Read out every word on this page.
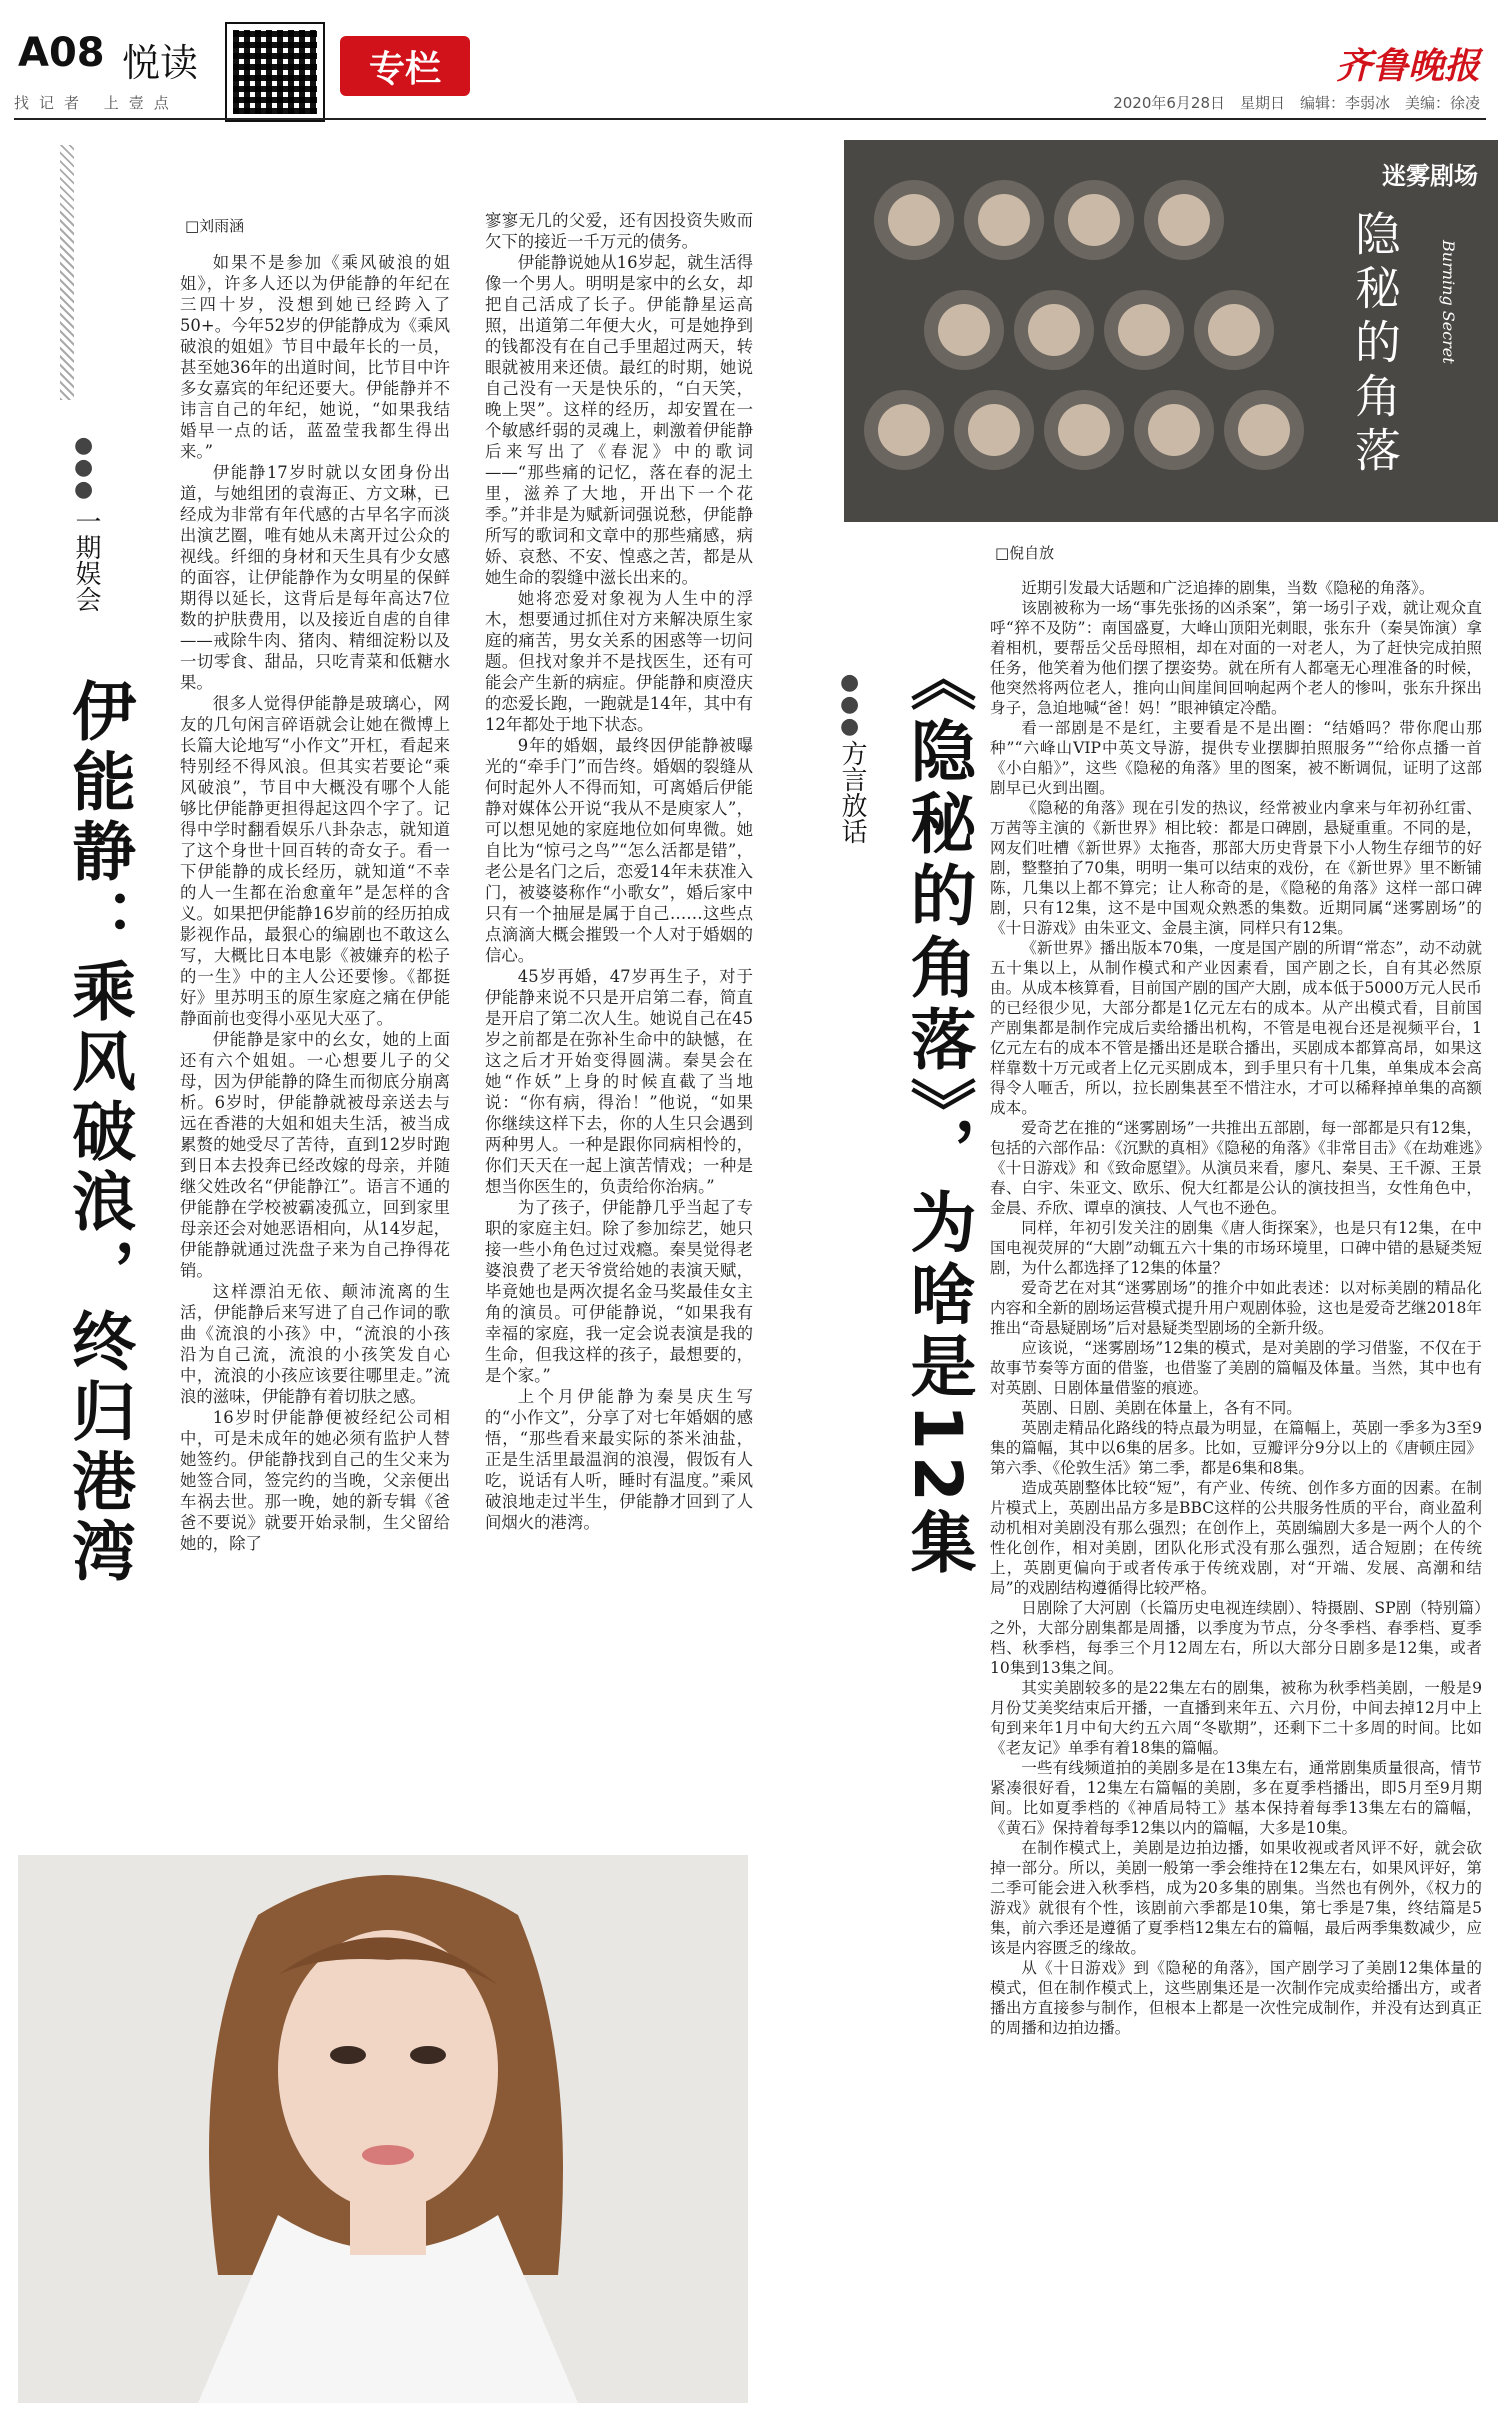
A08 悦读
找记者 上壹点
专栏	齐鲁晚报
2020年6月28日　星期日　编辑：李弱冰　美编：徐凌
●
●
●
一期娱会
伊能静：乘风破浪，终归港湾
□刘雨涵

如果不是参加《乘风破浪的姐姐》，许多人还以为伊能静的年纪在三四十岁，没想到她已经跨入了50+。今年52岁的伊能静成为《乘风破浪的姐姐》节目中最年长的一员，甚至她36年的出道时间，比节目中许多女嘉宾的年纪还要大。伊能静并不讳言自己的年纪，她说，“如果我结婚早一点的话，蓝盈莹我都生得出来。”

伊能静17岁时就以女团身份出道，与她组团的袁海正、方文琳，已经成为非常有年代感的古早名字而淡出演艺圈，唯有她从未离开过公众的视线。纤细的身材和天生具有少女感的面容，让伊能静作为女明星的保鲜期得以延长，这背后是每年高达7位数的护肤费用，以及接近自虐的自律——戒除牛肉、猪肉、精细淀粉以及一切零食、甜品，只吃青菜和低糖水果。

很多人觉得伊能静是玻璃心，网友的几句闲言碎语就会让她在微博上长篇大论地写“小作文”开杠，看起来特别经不得风浪。但其实若要论“乘风破浪”，节目中大概没有哪个人能够比伊能静更担得起这四个字了。记得中学时翻看娱乐八卦杂志，就知道了这个身世十回百转的奇女子。看一下伊能静的成长经历，就知道“不幸的人一生都在治愈童年”是怎样的含义。如果把伊能静16岁前的经历拍成影视作品，最狠心的编剧也不敢这么写，大概比日本电影《被嫌弃的松子的一生》中的主人公还要惨。《都挺好》里苏明玉的原生家庭之痛在伊能静面前也变得小巫见大巫了。

伊能静是家中的幺女，她的上面还有六个姐姐。一心想要儿子的父母，因为伊能静的降生而彻底分崩离析。6岁时，伊能静就被母亲送去与远在香港的大姐和姐夫生活，被当成累赘的她受尽了苦待，直到12岁时跑到日本去投奔已经改嫁的母亲，并随继父姓改名“伊能静江”。语言不通的伊能静在学校被霸凌孤立，回到家里母亲还会对她恶语相向，从14岁起，伊能静就通过洗盘子来为自己挣得花销。

这样漂泊无依、颠沛流离的生活，伊能静后来写进了自己作词的歌曲《流浪的小孩》中，“流浪的小孩沿为自己流，流浪的小孩笑发自心中，流浪的小孩应该要往哪里走。”流浪的滋味，伊能静有着切肤之感。

16岁时伊能静便被经纪公司相中，可是未成年的她必须有监护人替她签约。伊能静找到自己的生父来为她签合同，签完约的当晚，父亲便出车祸去世。那一晚，她的新专辑《爸爸不要说》就要开始录制，生父留给她的，除了

寥寥无几的父爱，还有因投资失败而欠下的接近一千万元的债务。

伊能静说她从16岁起，就生活得像一个男人。明明是家中的幺女，却把自己活成了长子。伊能静星运高照，出道第二年便大火，可是她挣到的钱都没有在自己手里超过两天，转眼就被用来还债。最红的时期，她说自己没有一天是快乐的，“白天笑，晚上哭”。这样的经历，却安置在一个敏感纤弱的灵魂上，刺激着伊能静后来写出了《春泥》中的歌词——“那些痛的记忆，落在春的泥土里，滋养了大地，开出下一个花季。”并非是为赋新词强说愁，伊能静所写的歌词和文章中的那些痛感，病娇、哀愁、不安、惶惑之苦，都是从她生命的裂缝中滋长出来的。

她将恋爱对象视为人生中的浮木，想要通过抓住对方来解决原生家庭的痛苦，男女关系的困惑等一切问题。但找对象并不是找医生，还有可能会产生新的病症。伊能静和庾澄庆的恋爱长跑，一跑就是14年，其中有12年都处于地下状态。

9年的婚姻，最终因伊能静被曝光的“牵手门”而告终。婚姻的裂缝从何时起外人不得而知，可离婚后伊能静对媒体公开说“我从不是庾家人”，可以想见她的家庭地位如何卑微。她自比为“惊弓之鸟”“怎么活都是错”，老公是名门之后，恋爱14年未获准入门，被婆婆称作“小歌女”，婚后家中只有一个抽屉是属于自己……这些点点滴滴大概会摧毁一个人对于婚姻的信心。

45岁再婚，47岁再生子，对于伊能静来说不只是开启第二春，简直是开启了第二次人生。她说自己在45岁之前都是在弥补生命中的缺憾，在这之后才开始变得圆满。秦昊会在她“作妖”上身的时候直截了当地说：“你有病，得治！”他说，“如果你继续这样下去，你的人生只会遇到两种男人。一种是跟你同病相怜的，你们天天在一起上演苦情戏；一种是想当你医生的，负责给你治病。”

为了孩子，伊能静几乎当起了专职的家庭主妇。除了参加综艺，她只接一些小角色过过戏瘾。秦昊觉得老婆浪费了老天爷赏给她的表演天赋，毕竟她也是两次提名金马奖最佳女主角的演员。可伊能静说，“如果我有幸福的家庭，我一定会说表演是我的生命，但我这样的孩子，最想要的，是个家。”

上个月伊能静为秦昊庆生写的“小作文”，分享了对七年婚姻的感悟，“那些看来最实际的茶米油盐，正是生活里最温润的浪漫，假饭有人吃，说话有人听，睡时有温度。”乘风破浪地走过半生，伊能静才回到了人间烟火的港湾。

迷雾剧场
隐秘的角落	Burning Secret
●
●
●
方言放话 《隐秘的角落》，为啥是12集
□倪自放

近期引发最大话题和广泛追捧的剧集，当数《隐秘的角落》。

该剧被称为一场“事先张扬的凶杀案”，第一场引子戏，就让观众直呼“猝不及防”：南国盛夏，大峰山顶阳光刺眼，张东升（秦昊饰演）拿着相机，要帮岳父岳母照相，却在对面的一对老人，为了赶快完成拍照任务，他笑着为他们摆了摆姿势。就在所有人都毫无心理准备的时候，他突然将两位老人，推向山间崖间回响起两个老人的惨叫，张东升探出身子，急迫地喊“爸！妈！”眼神镇定冷酷。

看一部剧是不是红，主要看是不是出圈：“结婚吗？带你爬山那种”“六峰山VIP中英文导游，提供专业摆脚拍照服务”“给你点播一首《小白船》”，这些《隐秘的角落》里的图案，被不断调侃，证明了这部剧早已火到出圈。

《隐秘的角落》现在引发的热议，经常被业内拿来与年初孙红雷、万茜等主演的《新世界》相比较：都是口碑剧，悬疑重重。不同的是，网友们吐槽《新世界》太拖沓，那部大历史背景下小人物生存细节的好剧，整整拍了70集，明明一集可以结束的戏份，在《新世界》里不断铺陈，几集以上都不算完；让人称奇的是，《隐秘的角落》这样一部口碑剧，只有12集，这不是中国观众熟悉的集数。近期同属“迷雾剧场”的《十日游戏》由朱亚文、金晨主演，同样只有12集。

《新世界》播出版本70集，一度是国产剧的所谓“常态”，动不动就五十集以上，从制作模式和产业因素看，国产剧之长，自有其必然原由。从成本核算看，目前国产剧的国产大剧，成本低于5000万元人民币的已经很少见，大部分都是1亿元左右的成本。从产出模式看，目前国产剧集都是制作完成后卖给播出机构，不管是电视台还是视频平台，1亿元左右的成本不管是播出还是联合播出，买剧成本都算高昂，如果这样靠数十万元或者上亿元买剧成本，到手里只有十几集，单集成本会高得令人咂舌，所以，拉长剧集甚至不惜注水，才可以稀释掉单集的高额成本。

爱奇艺在推的“迷雾剧场”一共推出五部剧，每一部都是只有12集，包括的六部作品：《沉默的真相》《隐秘的角落》《非常目击》《在劫难逃》《十日游戏》和《致命愿望》。从演员来看，廖凡、秦昊、王千源、王景春、白宇、朱亚文、欧乐、倪大红都是公认的演技担当，女性角色中，金晨、乔欣、谭卓的演技、人气也不逊色。

同样，年初引发关注的剧集《唐人街探案》，也是只有12集，在中国电视荧屏的“大剧”动辄五六十集的市场环境里，口碑中错的悬疑类短剧，为什么都选择了12集的体量？

爱奇艺在对其“迷雾剧场”的推介中如此表述：以对标美剧的精品化内容和全新的剧场运营模式提升用户观剧体验，这也是爱奇艺继2018年推出“奇悬疑剧场”后对悬疑类型剧场的全新升级。

应该说，“迷雾剧场”12集的模式，是对美剧的学习借鉴，不仅在于故事节奏等方面的借鉴，也借鉴了美剧的篇幅及体量。当然，其中也有对英剧、日剧体量借鉴的痕迹。

英剧、日剧、美剧在体量上，各有不同。

英剧走精品化路线的特点最为明显，在篇幅上，英剧一季多为3至9集的篇幅，其中以6集的居多。比如，豆瓣评分9分以上的《唐顿庄园》第六季、《伦敦生活》第二季，都是6集和8集。

造成英剧整体比较“短”，有产业、传统、创作多方面的因素。在制片模式上，英剧出品方多是BBC这样的公共服务性质的平台，商业盈利动机相对美剧没有那么强烈；在创作上，英剧编剧大多是一两个人的个性化创作，相对美剧，团队化形式没有那么强烈，适合短剧；在传统上，英剧更偏向于或者传承于传统戏剧，对“开端、发展、高潮和结局”的戏剧结构遵循得比较严格。

日剧除了大河剧（长篇历史电视连续剧）、特摄剧、SP剧（特别篇）之外，大部分剧集都是周播，以季度为节点，分冬季档、春季档、夏季档、秋季档，每季三个月12周左右，所以大部分日剧多是12集，或者10集到13集之间。

其实美剧较多的是22集左右的剧集，被称为秋季档美剧，一般是9月份艾美奖结束后开播，一直播到来年五、六月份，中间去掉12月中上旬到来年1月中旬大约五六周“冬歇期”，还剩下二十多周的时间。比如《老友记》单季有着18集的篇幅。

一些有线频道拍的美剧多是在13集左右，通常剧集质量很高，情节紧凑很好看，12集左右篇幅的美剧，多在夏季档播出，即5月至9月期间。比如夏季档的《神盾局特工》基本保持着每季13集左右的篇幅，《黄石》保持着每季12集以内的篇幅，大多是10集。

在制作模式上，美剧是边拍边播，如果收视或者风评不好，就会砍掉一部分。所以，美剧一般第一季会维持在12集左右，如果风评好，第二季可能会进入秋季档，成为20多集的剧集。当然也有例外，《权力的游戏》就很有个性，该剧前六季都是10集，第七季是7集，终结篇是5集，前六季还是遵循了夏季档12集左右的篇幅，最后两季集数减少，应该是内容匮乏的缘故。

从《十日游戏》到《隐秘的角落》，国产剧学习了美剧12集体量的模式，但在制作模式上，这些剧集还是一次制作完成卖给播出方，或者播出方直接参与制作，但根本上都是一次性完成制作，并没有达到真正的周播和边拍边播。
